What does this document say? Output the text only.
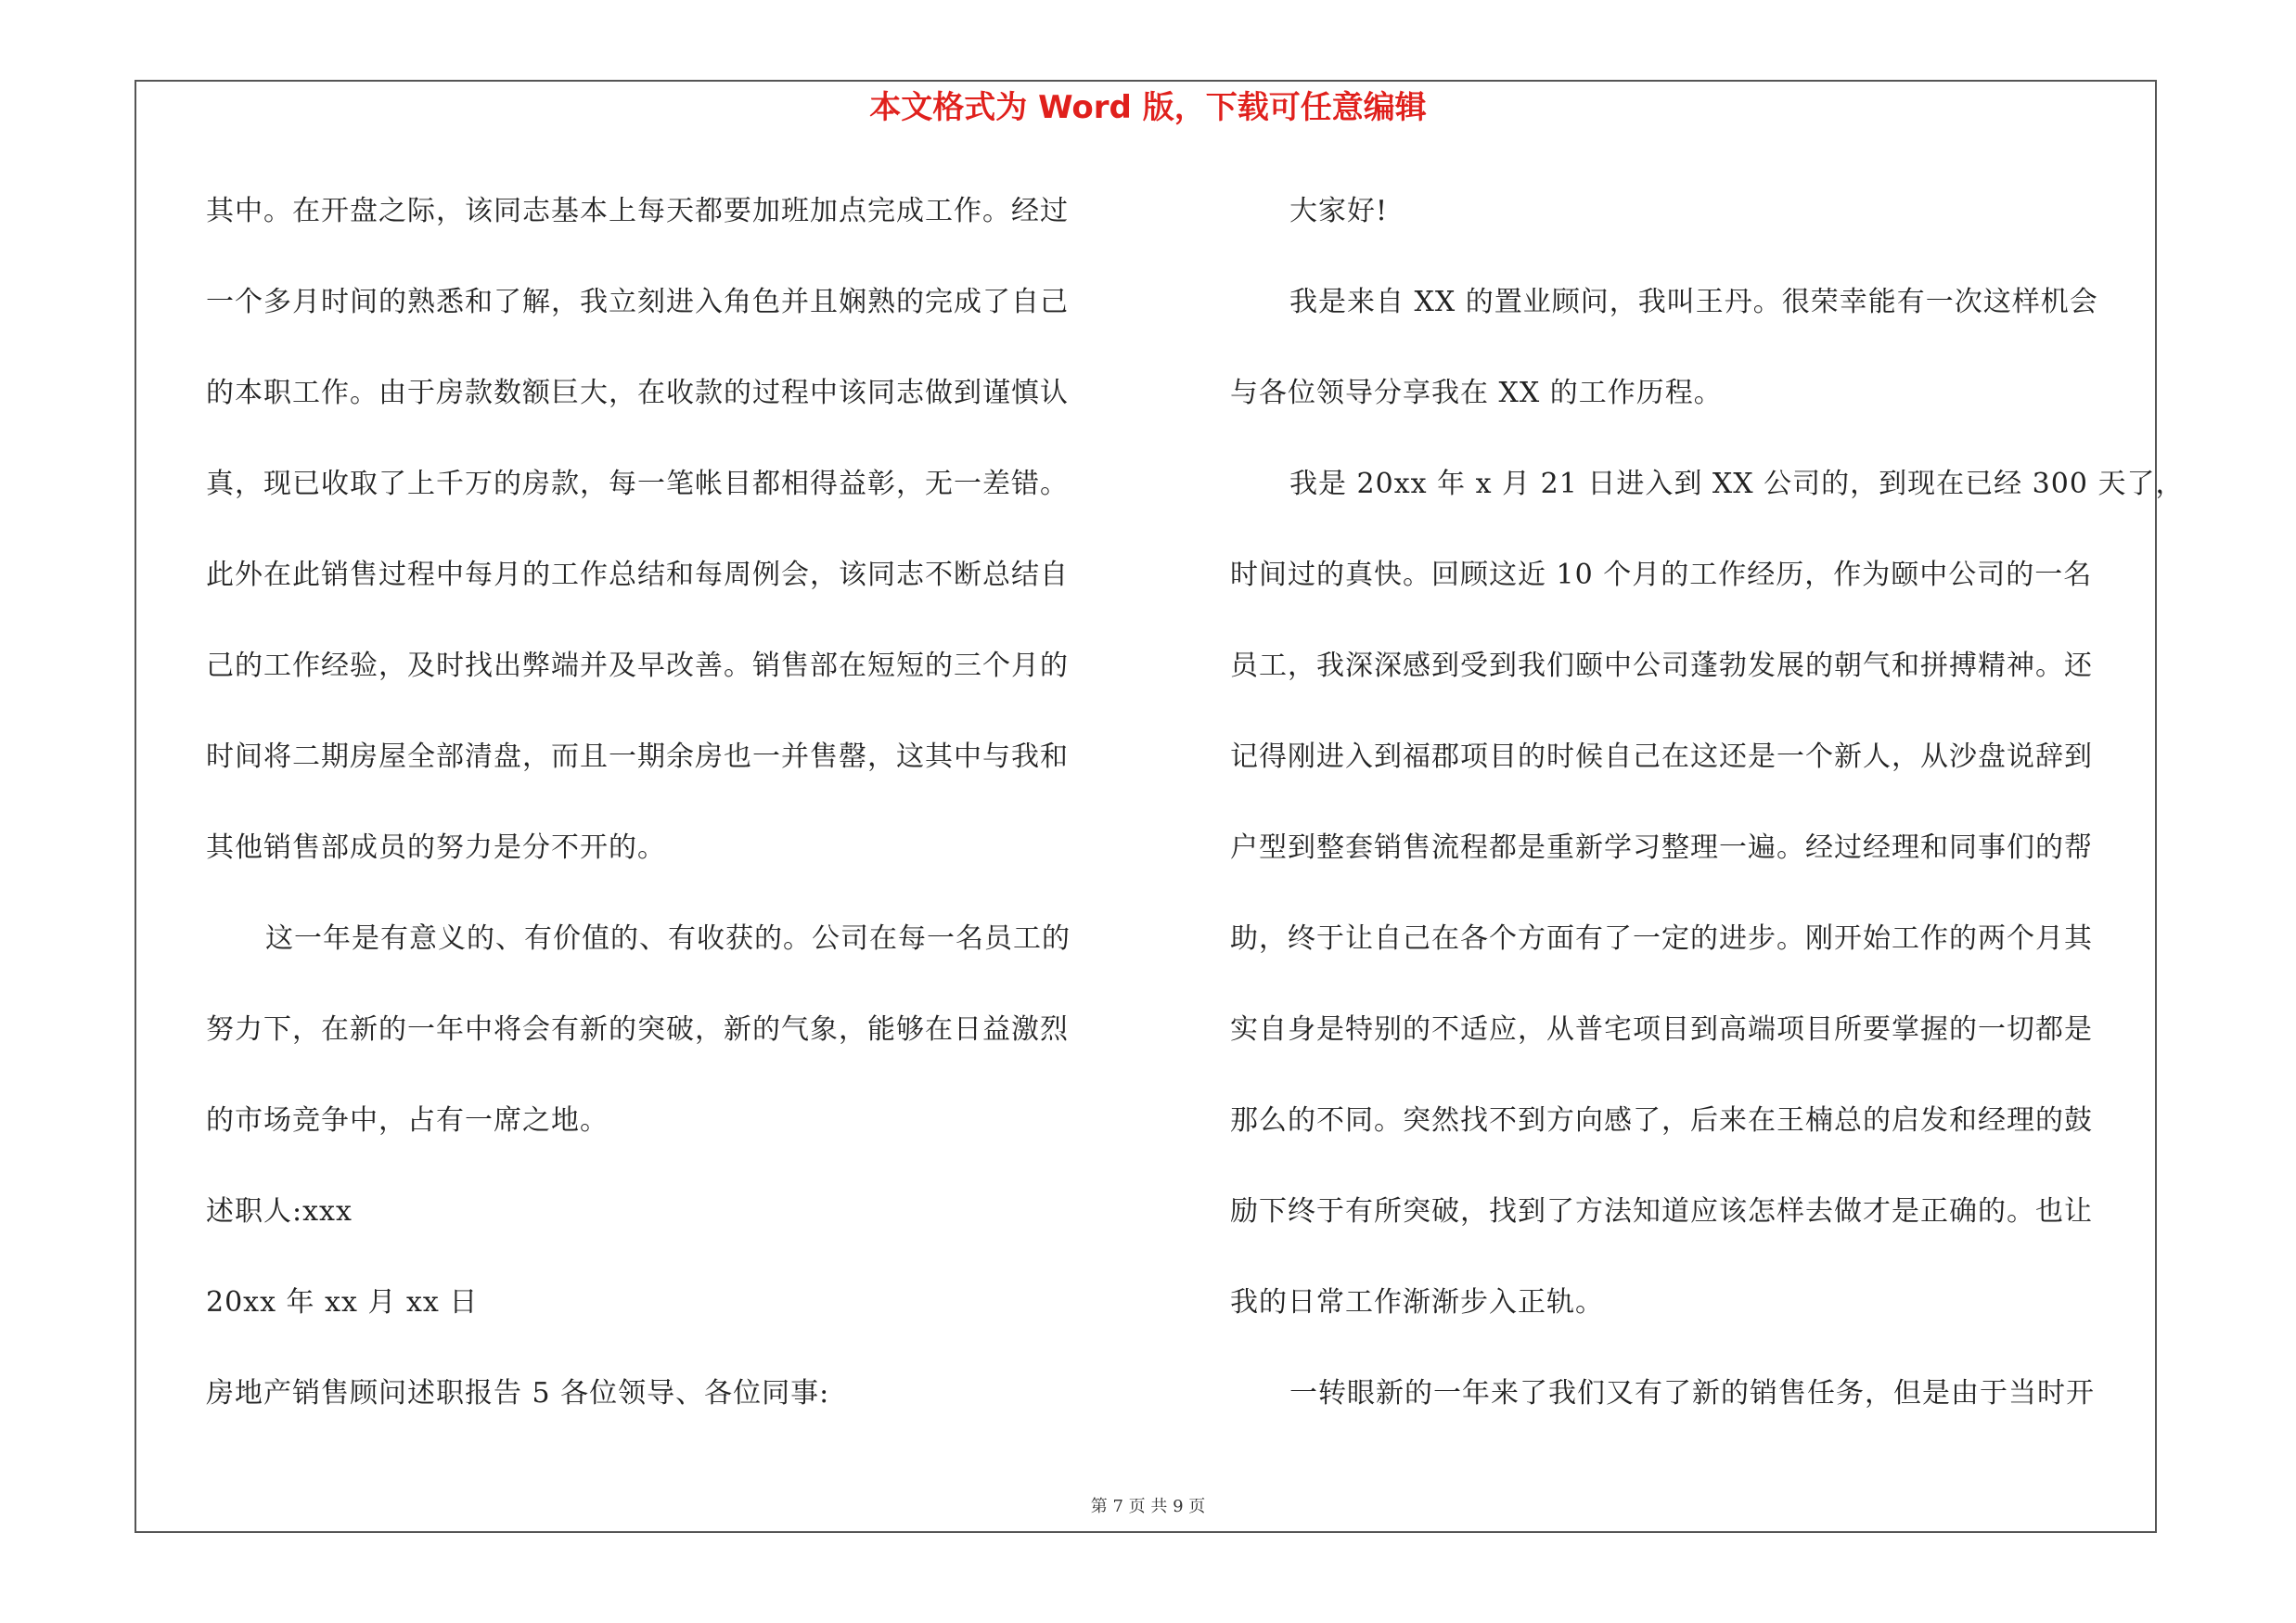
本文格式为 Word 版，下载可任意编辑
其中。在开盘之际，该同志基本上每天都要加班加点完成工作。经过
一个多月时间的熟悉和了解，我立刻进入角色并且娴熟的完成了自己
的本职工作。由于房款数额巨大，在收款的过程中该同志做到谨慎认
真，现已收取了上千万的房款，每一笔帐目都相得益彰，无一差错。
此外在此销售过程中每月的工作总结和每周例会，该同志不断总结自
己的工作经验，及时找出弊端并及早改善。销售部在短短的三个月的
时间将二期房屋全部清盘，而且一期余房也一并售罄，这其中与我和
其他销售部成员的努力是分不开的。
这一年是有意义的、有价值的、有收获的。公司在每一名员工的
努力下，在新的一年中将会有新的突破，新的气象，能够在日益激烈
的市场竞争中，占有一席之地。
述职人:xxx
20xx 年 xx 月 xx 日
房地产销售顾问述职报告 5 各位领导、各位同事:
大家好!
我是来自 XX 的置业顾问，我叫王丹。很荣幸能有一次这样机会
与各位领导分享我在 XX 的工作历程。
我是 20xx 年 x 月 21 日进入到 XX 公司的，到现在已经 300 天了，
时间过的真快。回顾这近 10 个月的工作经历，作为颐中公司的一名
员工，我深深感到受到我们颐中公司蓬勃发展的朝气和拼搏精神。还
记得刚进入到福郡项目的时候自己在这还是一个新人，从沙盘说辞到
户型到整套销售流程都是重新学习整理一遍。经过经理和同事们的帮
助，终于让自己在各个方面有了一定的进步。刚开始工作的两个月其
实自身是特别的不适应，从普宅项目到高端项目所要掌握的一切都是
那么的不同。突然找不到方向感了，后来在王楠总的启发和经理的鼓
励下终于有所突破，找到了方法知道应该怎样去做才是正确的。也让
我的日常工作渐渐步入正轨。
一转眼新的一年来了我们又有了新的销售任务，但是由于当时开
第 7 页 共 9 页
